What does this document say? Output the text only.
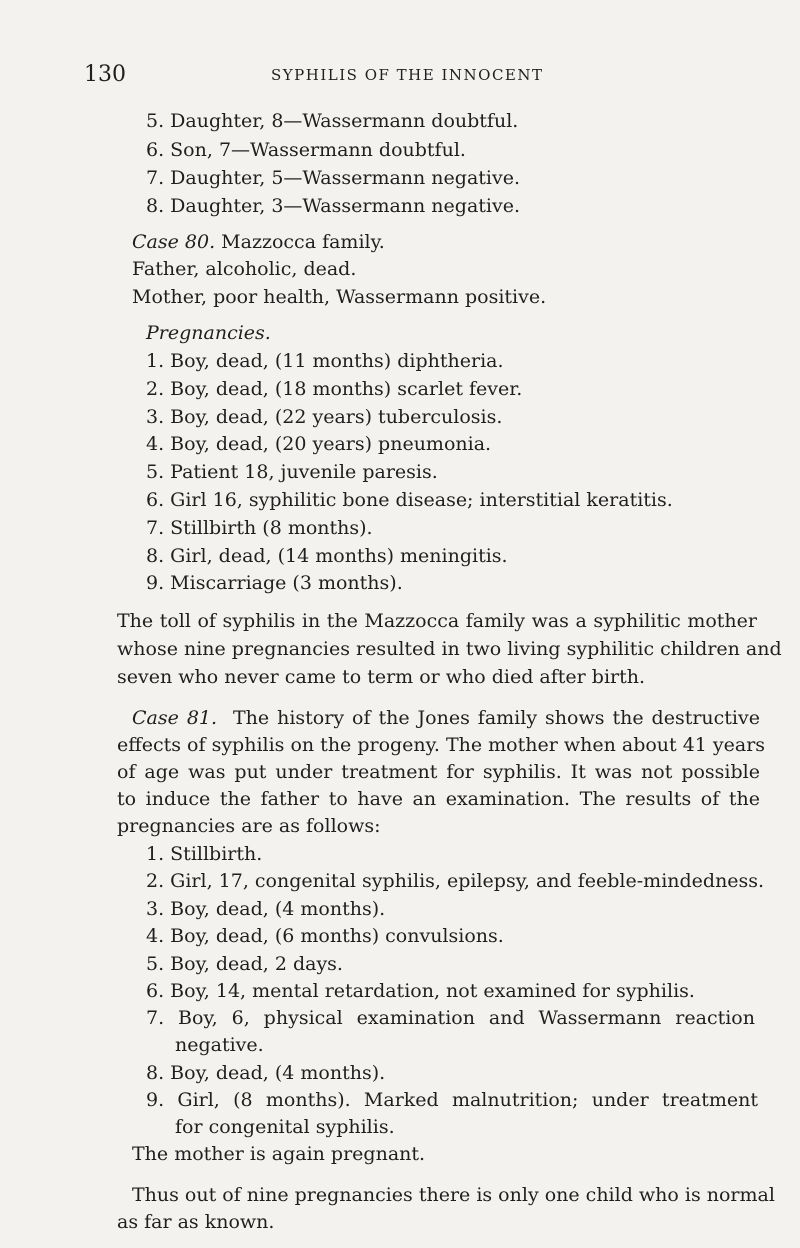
130	SYPHILIS OF THE INNOCENT
5. Daughter, 8—Wassermann doubtful.
6. Son, 7—Wassermann doubtful.
7. Daughter, 5—Wassermann negative.
8. Daughter, 3—Wassermann negative.
Case 80. Mazzocca family.
Father, alcoholic, dead.
Mother, poor health, Wassermann positive.
Pregnancies.
1. Boy, dead, (11 months) diphtheria.
2. Boy, dead, (18 months) scarlet fever.
3. Boy, dead, (22 years) tuberculosis.
4. Boy, dead, (20 years) pneumonia.
5. Patient 18, juvenile paresis.
6. Girl 16, syphilitic bone disease; interstitial keratitis.
7. Stillbirth (8 months).
8. Girl, dead, (14 months) meningitis.
9. Miscarriage (3 months).
The toll of syphilis in the Mazzocca family was a syphilitic mother
whose nine pregnancies resulted in two living syphilitic children and
seven who never came to term or who died after birth.
Case 81. The history of the Jones family shows the destructive
effects of syphilis on the progeny. The mother when about 41 years
of age was put under treatment for syphilis. It was not possible
to induce the father to have an examination. The results of the
pregnancies are as follows:
1. Stillbirth.
2. Girl, 17, congenital syphilis, epilepsy, and feeble-mindedness.
3. Boy, dead, (4 months).
4. Boy, dead, (6 months) convulsions.
5. Boy, dead, 2 days.
6. Boy, 14, mental retardation, not examined for syphilis.
7. Boy, 6, physical examination and Wassermann reaction
negative.
8. Boy, dead, (4 months).
9. Girl, (8 months). Marked malnutrition; under treatment
for congenital syphilis.
The mother is again pregnant.
Thus out of nine pregnancies there is only one child who is normal
as far as known.
